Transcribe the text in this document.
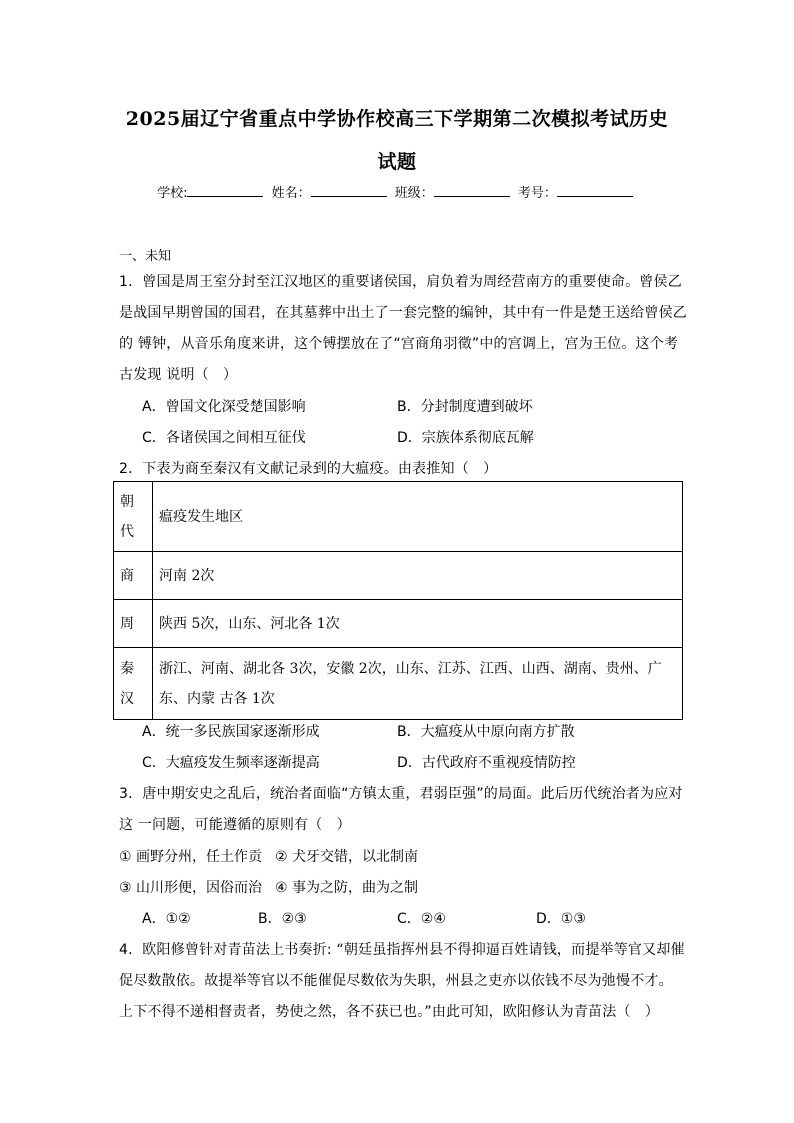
2025届辽宁省重点中学协作校高三下学期第二次模拟考试历史
试题
学校:	姓名：	班级：	考号：
一、未知
1．曾国是周王室分封至江汉地区的重要诸侯国，肩负着为周经营南方的重要使命。曾侯乙
是战国早期曾国的国君，在其墓葬中出土了一套完整的编钟，其中有一件是楚王送给曾侯乙
的 镈钟，从音乐角度来讲，这个镈摆放在了“宫商角羽徵”中的宫调上，宫为王位。这个考
古发现 说明（　）
A．曾国文化深受楚国影响	B．分封制度遭到破坏
C．各诸侯国之间相互征伐	D．宗族体系彻底瓦解
2．下表为商至秦汉有文献记录到的大瘟疫。由表推知（　）
朝代	瘟疫发生地区
商	河南 2次
周	陕西 5次，山东、河北各 1次
秦汉	浙江、河南、湖北各 3次，安徽 2次，山东、江苏、江西、山西、湖南、贵州、广东、内蒙 古各 1次
A．统一多民族国家逐渐形成	B．大瘟疫从中原向南方扩散
C．大瘟疫发生频率逐渐提高	D．古代政府不重视疫情防控
3．唐中期安史之乱后，统治者面临“方镇太重，君弱臣强”的局面。此后历代统治者为应对
这 一问题，可能遵循的原则有（　）
① 画野分州，任土作贡 ② 犬牙交错，以北制南
③ 山川形便，因俗而治 ④ 事为之防，曲为之制
A．①②	B．②③	C．②④	D．①③
4．欧阳修曾针对青苗法上书奏折: “朝廷虽指挥州县不得抑逼百姓请钱，而提举等官又却催
促尽数散依。故提举等官以不能催促尽数依为失职，州县之吏亦以依钱不尽为弛慢不才。
上下不得不递相督责者，势使之然，各不获已也。”由此可知，欧阳修认为青苗法（　）
